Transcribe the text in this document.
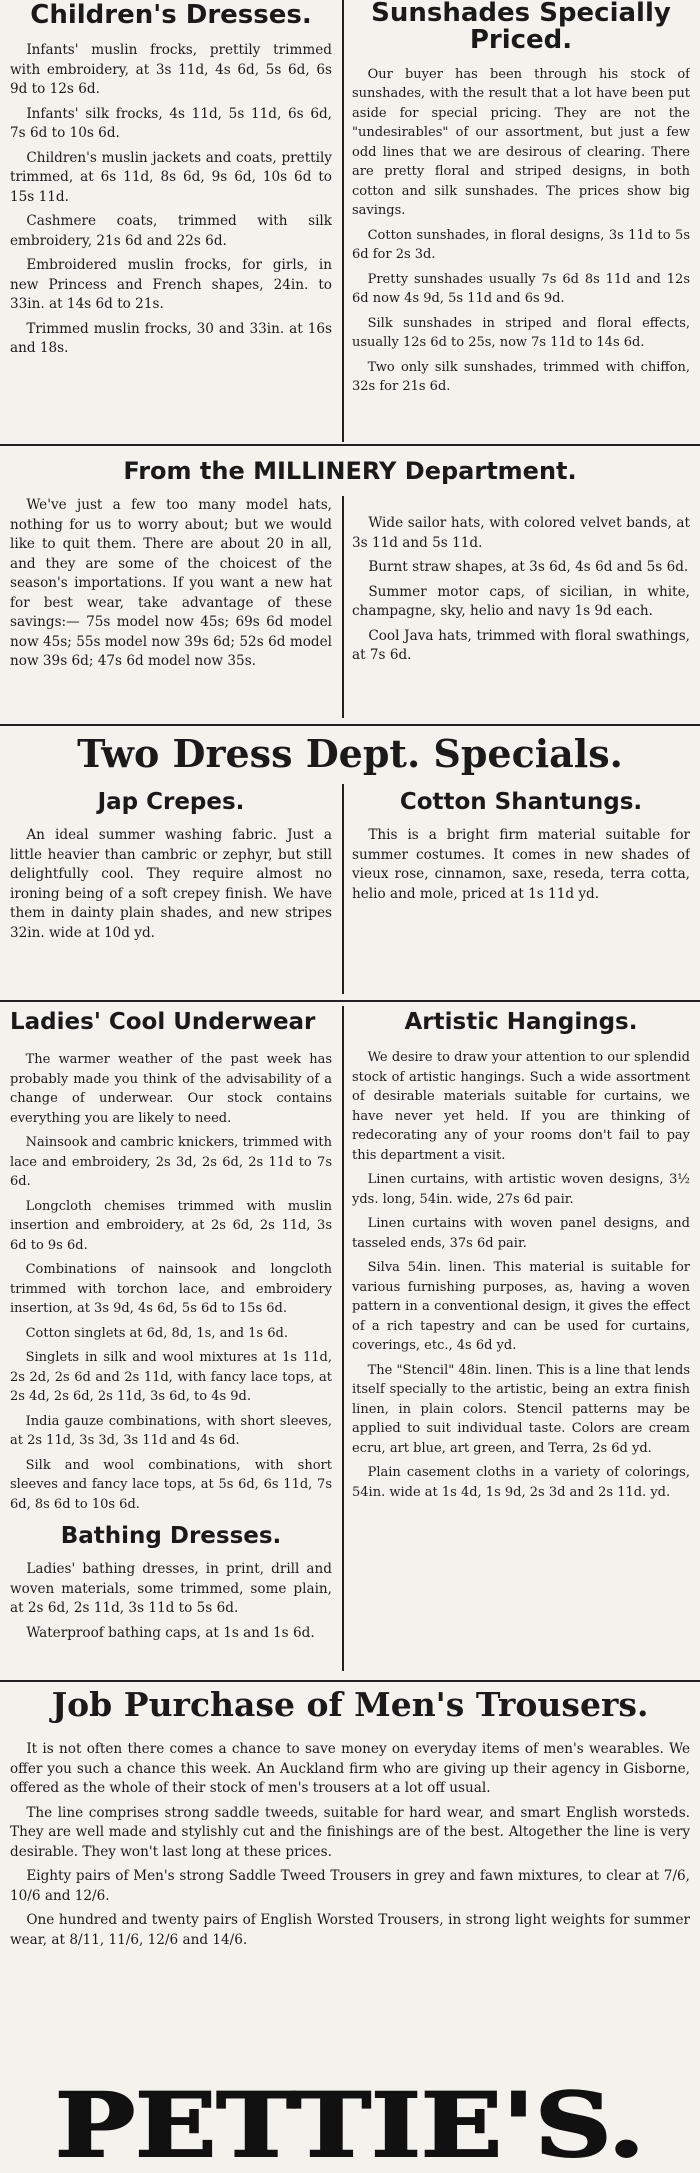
Children's Dresses.

Infants' muslin frocks, prettily trimmed with embroidery, at 3s 11d, 4s 6d, 5s 6d, 6s 9d to 12s 6d.

Infants' silk frocks, 4s 11d, 5s 11d, 6s 6d, 7s 6d to 10s 6d.

Children's muslin jackets and coats, prettily trimmed, at 6s 11d, 8s 6d, 9s 6d, 10s 6d to 15s 11d.

Cashmere coats, trimmed with silk embroidery, 21s 6d and 22s 6d.

Embroidered muslin frocks, for girls, in new Princess and French shapes, 24in. to 33in. at 14s 6d to 21s.

Trimmed muslin frocks, 30 and 33in. at 16s and 18s.

Sunshades Specially Priced.

Our buyer has been through his stock of sunshades, with the result that a lot have been put aside for special pricing. They are not the "undesirables" of our assortment, but just a few odd lines that we are desirous of clearing. There are pretty floral and striped designs, in both cotton and silk sunshades. The prices show big savings.

Cotton sunshades, in floral designs, 3s 11d to 5s 6d for 2s 3d.

Pretty sunshades usually 7s 6d 8s 11d and 12s 6d now 4s 9d, 5s 11d and 6s 9d.

Silk sunshades in striped and floral effects, usually 12s 6d to 25s, now 7s 11d to 14s 6d.

Two only silk sunshades, trimmed with chiffon, 32s for 21s 6d.

From the MILLINERY Department.

We've just a few too many model hats, nothing for us to worry about; but we would like to quit them. There are about 20 in all, and they are some of the choicest of the season's importations. If you want a new hat for best wear, take advantage of these savings:— 75s model now 45s; 69s 6d model now 45s; 55s model now 39s 6d; 52s 6d model now 39s 6d; 47s 6d model now 35s.

Wide sailor hats, with colored velvet bands, at 3s 11d and 5s 11d.

Burnt straw shapes, at 3s 6d, 4s 6d and 5s 6d.

Summer motor caps, of sicilian, in white, champagne, sky, helio and navy 1s 9d each.

Cool Java hats, trimmed with floral swathings, at 7s 6d.

Two Dress Dept. Specials.
Jap Crepes.

An ideal summer washing fabric. Just a little heavier than cambric or zephyr, but still delightfully cool. They require almost no ironing being of a soft crepey finish. We have them in dainty plain shades, and new stripes 32in. wide at 10d yd.

Cotton Shantungs.

This is a bright firm material suitable for summer costumes. It comes in new shades of vieux rose, cinnamon, saxe, reseda, terra cotta, helio and mole, priced at 1s 11d yd.

Ladies' Cool Underwear

The warmer weather of the past week has probably made you think of the advisability of a change of underwear. Our stock contains everything you are likely to need.

Nainsook and cambric knickers, trimmed with lace and embroidery, 2s 3d, 2s 6d, 2s 11d to 7s 6d.

Longcloth chemises trimmed with muslin insertion and embroidery, at 2s 6d, 2s 11d, 3s 6d to 9s 6d.

Combinations of nainsook and longcloth trimmed with torchon lace, and embroidery insertion, at 3s 9d, 4s 6d, 5s 6d to 15s 6d.

Cotton singlets at 6d, 8d, 1s, and 1s 6d.

Singlets in silk and wool mixtures at 1s 11d, 2s 2d, 2s 6d and 2s 11d, with fancy lace tops, at 2s 4d, 2s 6d, 2s 11d, 3s 6d, to 4s 9d.

India gauze combinations, with short sleeves, at 2s 11d, 3s 3d, 3s 11d and 4s 6d.

Silk and wool combinations, with short sleeves and fancy lace tops, at 5s 6d, 6s 11d, 7s 6d, 8s 6d to 10s 6d.

Bathing Dresses.

Ladies' bathing dresses, in print, drill and woven materials, some trimmed, some plain, at 2s 6d, 2s 11d, 3s 11d to 5s 6d.

Waterproof bathing caps, at 1s and 1s 6d.

Artistic Hangings.

We desire to draw your attention to our splendid stock of artistic hangings. Such a wide assortment of desirable materials suitable for curtains, we have never yet held. If you are thinking of redecorating any of your rooms don't fail to pay this department a visit.

Linen curtains, with artistic woven designs, 3½ yds. long, 54in. wide, 27s 6d pair.

Linen curtains with woven panel designs, and tasseled ends, 37s 6d pair.

Silva 54in. linen. This material is suitable for various furnishing purposes, as, having a woven pattern in a conventional design, it gives the effect of a rich tapestry and can be used for curtains, coverings, etc., 4s 6d yd.

The "Stencil" 48in. linen. This is a line that lends itself specially to the artistic, being an extra finish linen, in plain colors. Stencil patterns may be applied to suit individual taste. Colors are cream ecru, art blue, art green, and Terra, 2s 6d yd.

Plain casement cloths in a variety of colorings, 54in. wide at 1s 4d, 1s 9d, 2s 3d and 2s 11d. yd.

Job Purchase of Men's Trousers.

It is not often there comes a chance to save money on everyday items of men's wearables. We offer you such a chance this week. An Auckland firm who are giving up their agency in Gisborne, offered as the whole of their stock of men's trousers at a lot off usual.

The line comprises strong saddle tweeds, suitable for hard wear, and smart English worsteds. They are well made and stylishly cut and the finishings are of the best. Altogether the line is very desirable. They won't last long at these prices.

Eighty pairs of Men's strong Saddle Tweed Trousers in grey and fawn mixtures, to clear at 7/6, 10/6 and 12/6.

One hundred and twenty pairs of English Worsted Trousers, in strong light weights for summer wear, at 8/11, 11/6, 12/6 and 14/6.

PETTIE'S.
